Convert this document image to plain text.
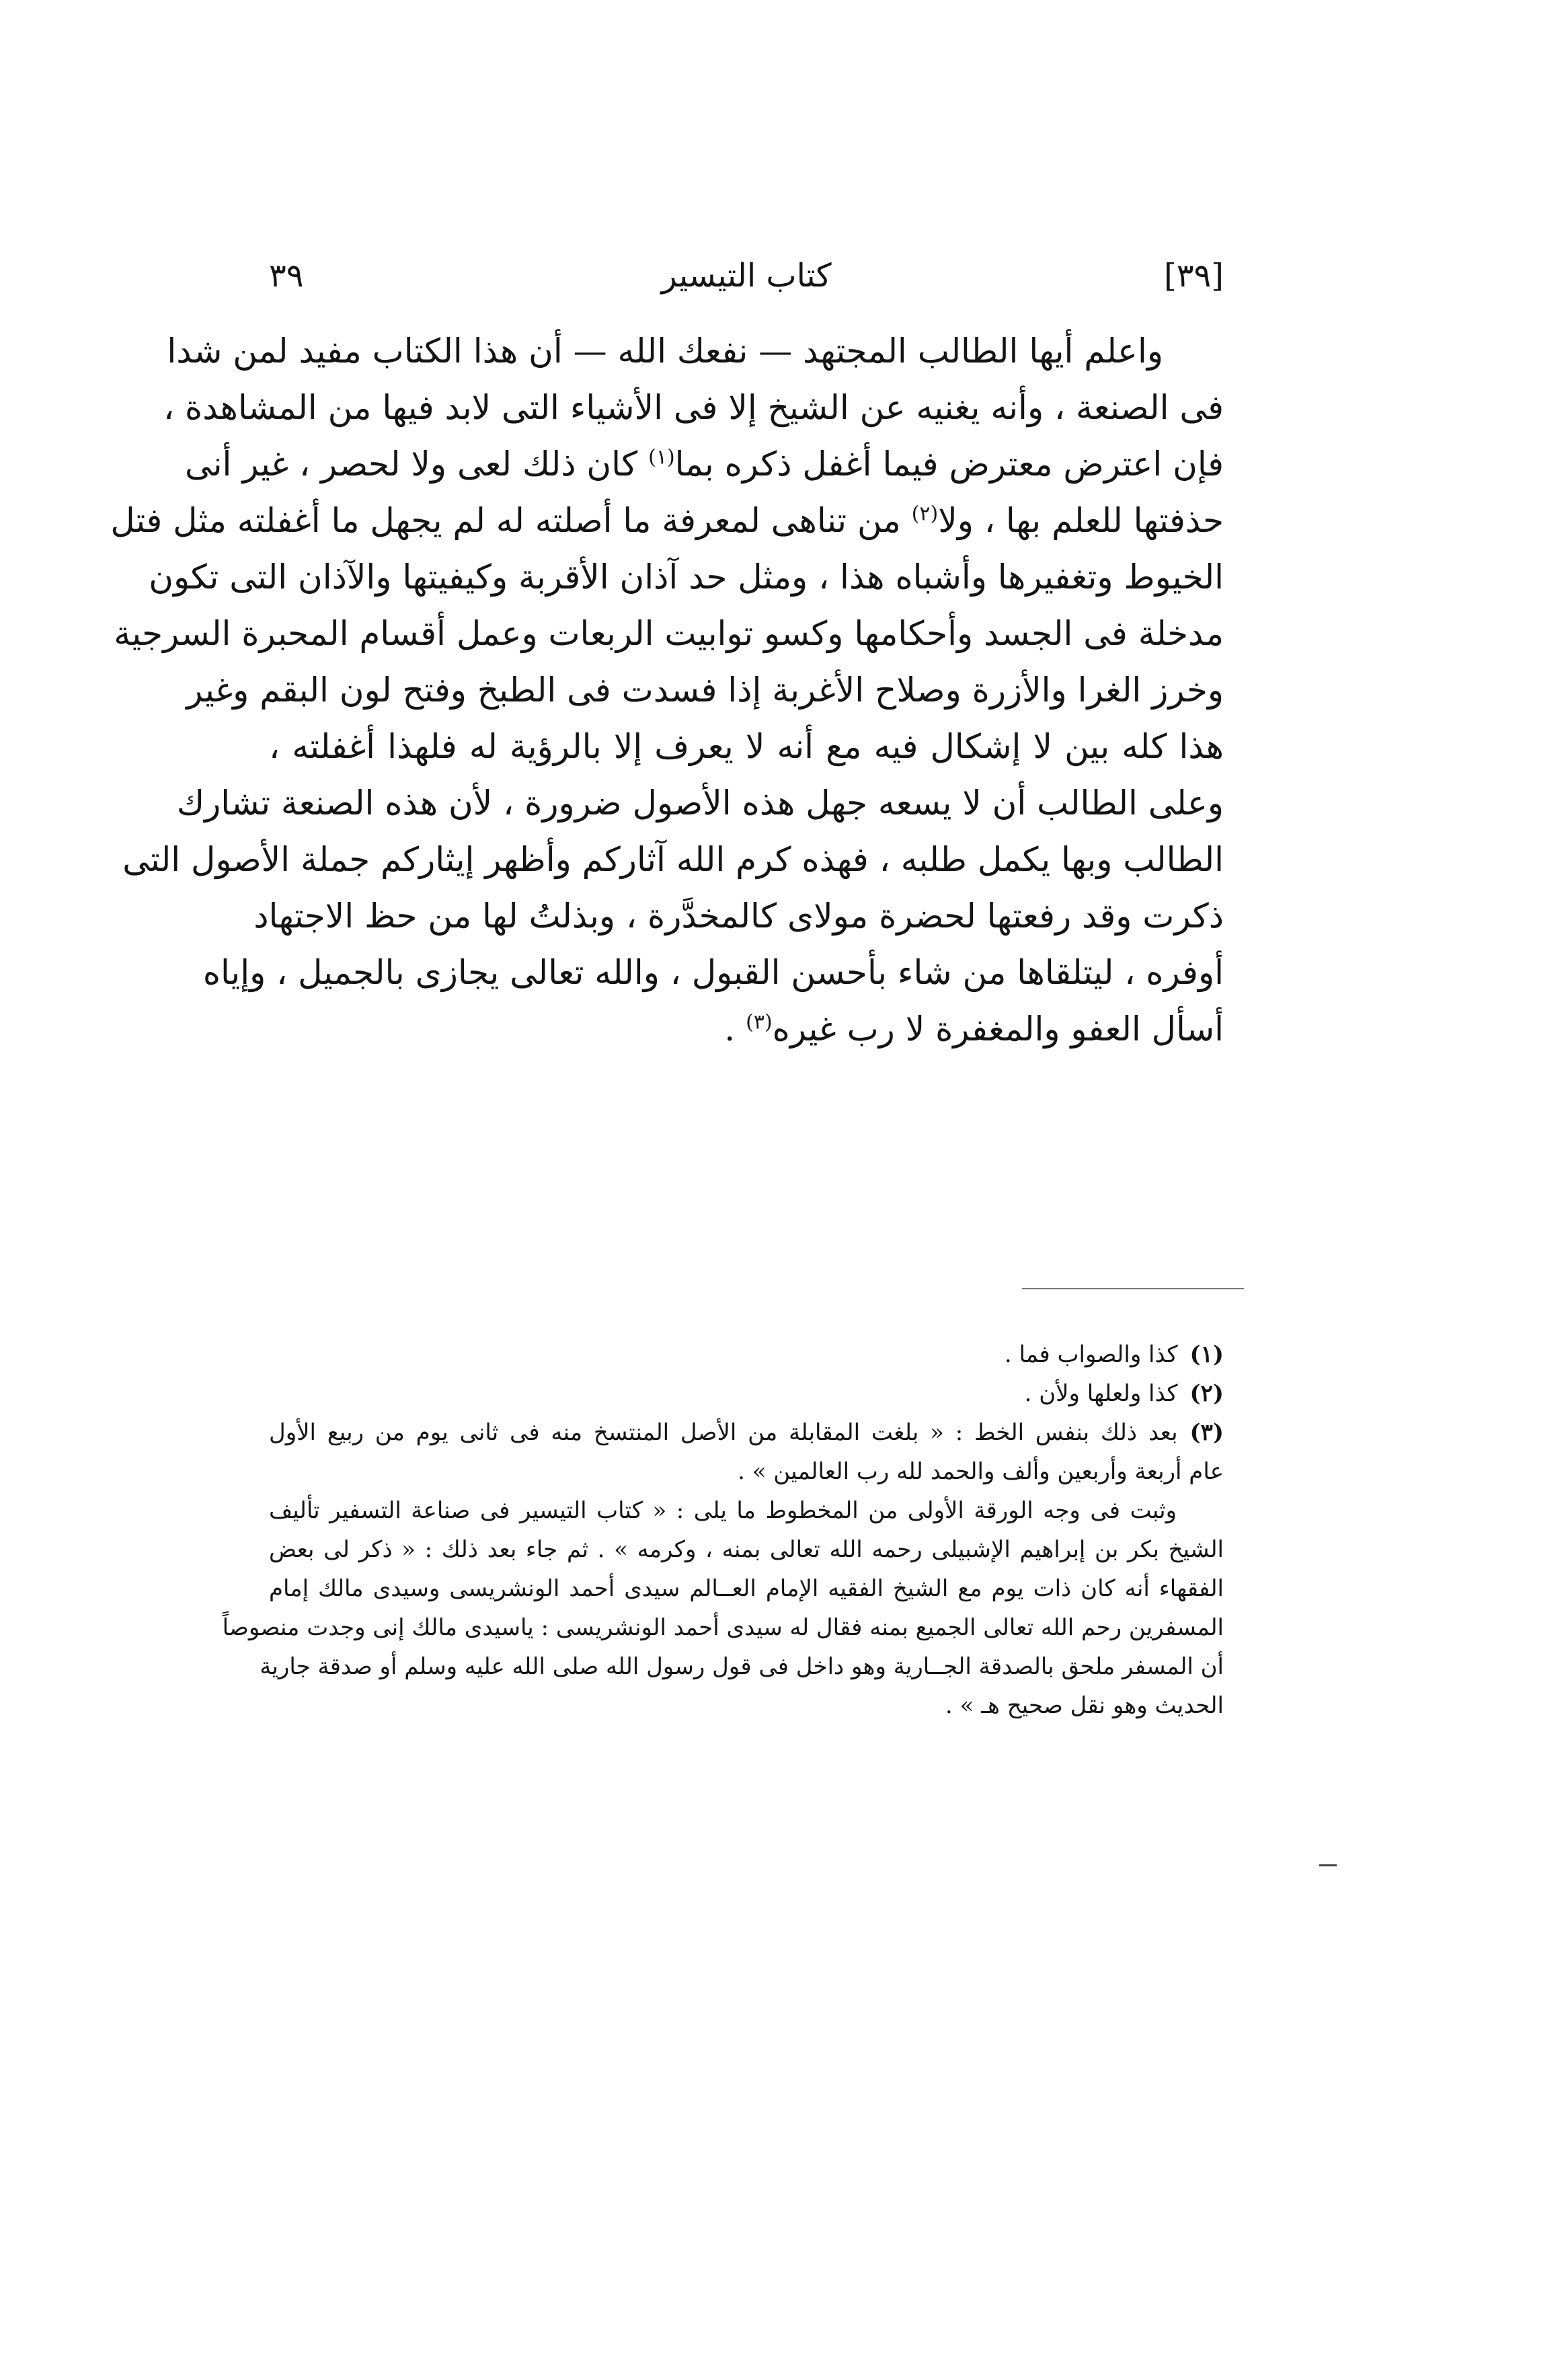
[٣٩]
كتاب التيسير
٣٩
واعلم أيها الطالب المجتهد — نفعك الله — أن هذا الكتاب مفيد لمن شدا
فى الصنعة ، وأنه يغنيه عن الشيخ إلا فى الأشياء التى لابد فيها من المشاهدة ،
فإن اعترض معترض فيما أغفل ذكره بما$^{(١)}$ كان ذلك لعى ولا لحصر ، غير أنى
حذفتها للعلم بها ، ولا$^{(٢)}$ من تناهى لمعرفة ما أصلته له لم يجهل ما أغفلته مثل فتل
الخيوط وتغفيرها وأشباه هذا ، ومثل حد آذان الأقربة وكيفيتها والآذان التى تكون
مدخلة فى الجسد وأحكامها وكسو توابيت الربعات وعمل أقسام المحبرة السرجية
وخرز الغرا والأزرة وصلاح الأغربة إذا فسدت فى الطبخ وفتح لون البقم وغير
هذا كله بين لا إشكال فيه مع أنه لا يعرف إلا بالرؤية له فلهذا أغفلته ،
وعلى الطالب أن لا يسعه جهل هذه الأصول ضرورة ، لأن هذه الصنعة تشارك
الطالب وبها يكمل طلبه ، فهذه كرم الله آثاركم وأظهر إيثاركم جملة الأصول التى
ذكرت وقد رفعتها لحضرة مولاى كالمخدَّرة ، وبذلتُ لها من حظ الاجتهاد
أوفره ، ليتلقاها من شاء بأحسن القبول ، والله تعالى يجازى بالجميل ، وإياه
أسأل العفو والمغفرة لا رب غيره$^{(٣)}$ .
(١)كذا والصواب فما .
(٢)كذا ولعلها ولأن .
(٣)بعد ذلك بنفس الخط : « بلغت المقابلة من الأصل المنتسخ منه فى ثانى يوم من ربيع الأول
عام أربعة وأربعين وألف والحمد لله رب العالمين » .
وثبت فى وجه الورقة الأولى من المخطوط ما يلى : « كتاب التيسير فى صناعة التسفير تأليف
الشيخ بكر بن إبراهيم الإشبيلى رحمه الله تعالى بمنه ، وكرمه » . ثم جاء بعد ذلك : « ذكر لى بعض
الفقهاء أنه كان ذات يوم مع الشيخ الفقيه الإمام العــالم سيدى أحمد الونشريسى وسيدى مالك إمام
المسفرين رحم الله تعالى الجميع بمنه فقال له سيدى أحمد الونشريسى : ياسيدى مالك إنى وجدت منصوصاً
أن المسفر ملحق بالصدقة الجــارية وهو داخل فى قول رسول الله صلى الله عليه وسلم أو صدقة جارية
الحديث وهو نقل صحيح هـ » .
